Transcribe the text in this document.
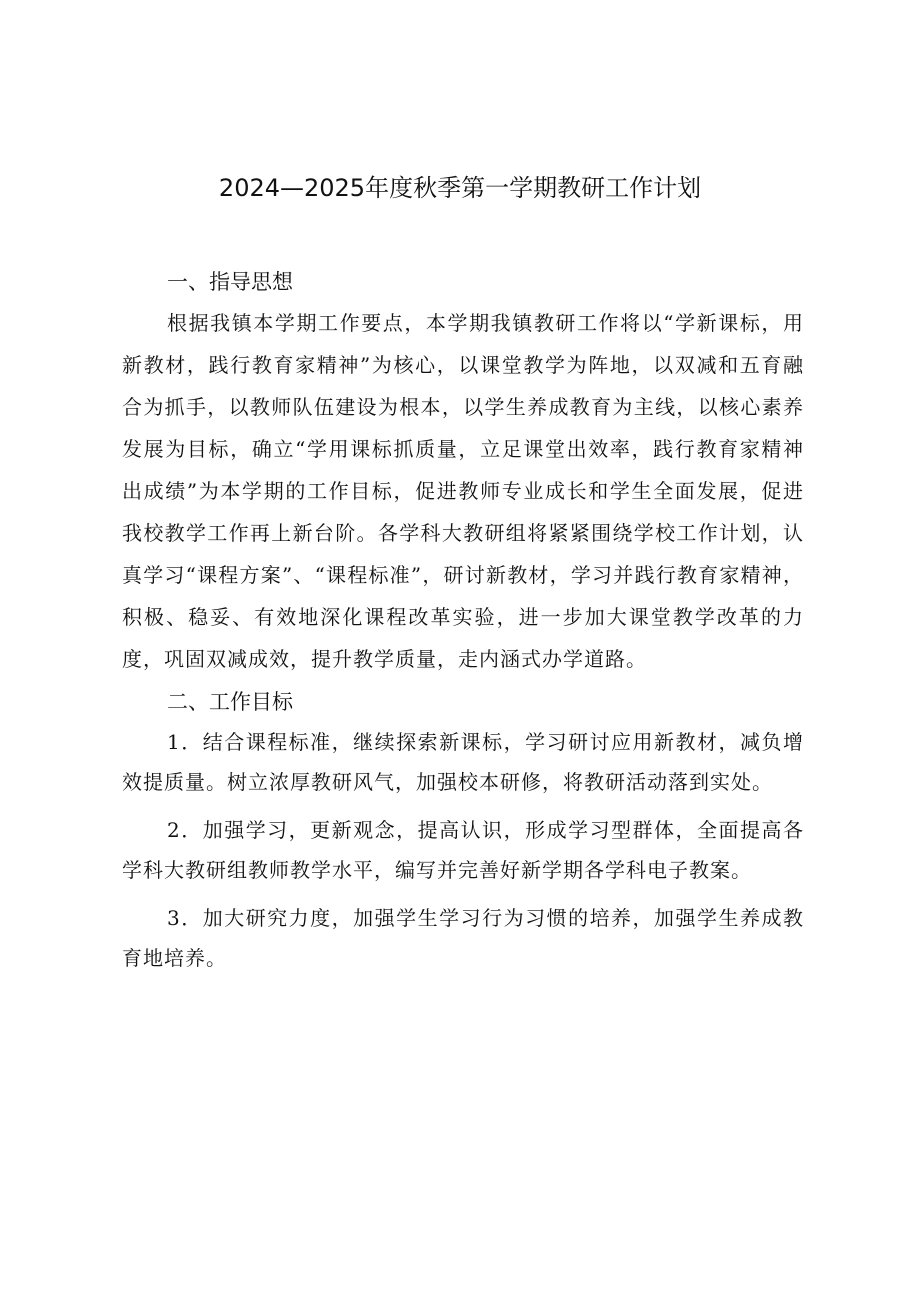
2024—2025年度秋季第一学期教研工作计划
一、指导思想

根据我镇本学期工作要点，本学期我镇教研工作将以“学新课标，用新教材，践行教育家精神”为核心，以课堂教学为阵地，以双减和五育融合为抓手，以教师队伍建设为根本，以学生养成教育为主线，以核心素养发展为目标，确立“学用课标抓质量，立足课堂出效率，践行教育家精神出成绩”为本学期的工作目标，促进教师专业成长和学生全面发展，促进我校教学工作再上新台阶。各学科大教研组将紧紧围绕学校工作计划，认真学习“课程方案”、“课程标准”，研讨新教材，学习并践行教育家精神，积极、稳妥、有效地深化课程改革实验，进一步加大课堂教学改革的力度，巩固双减成效，提升教学质量，走内涵式办学道路。

二、工作目标

1．结合课程标准，继续探索新课标，学习研讨应用新教材，减负增效提质量。树立浓厚教研风气，加强校本研修，将教研活动落到实处。

2．加强学习，更新观念，提高认识，形成学习型群体，全面提高各学科大教研组教师教学水平，编写并完善好新学期各学科电子教案。

3．加大研究力度，加强学生学习行为习惯的培养，加强学生养成教育地培养。
